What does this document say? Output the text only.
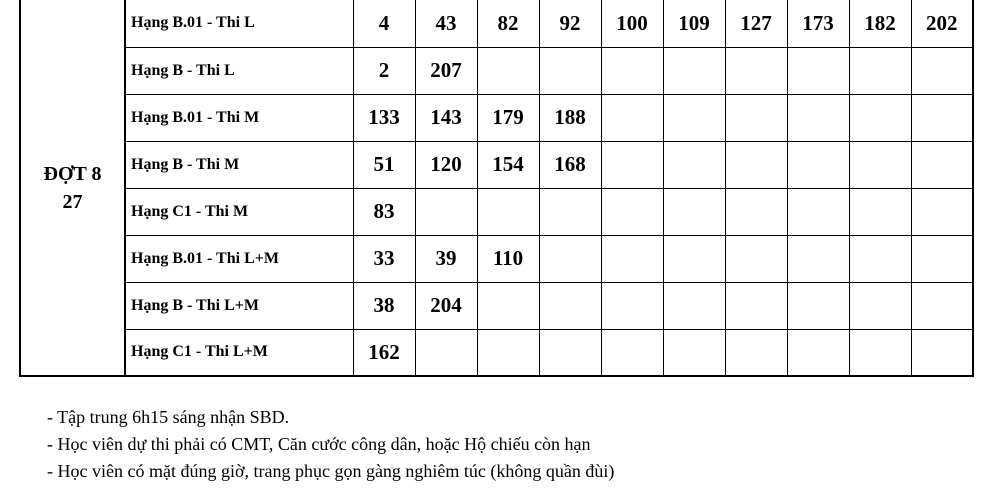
ĐỢT 8
27	Hạng B.01 - Thi L	4	43	82	92	100	109	127	173	182	202
	Hạng B - Thi L	2	207								
	Hạng B.01 - Thi M	133	143	179	188						
	Hạng B - Thi M	51	120	154	168						
	Hạng C1 - Thi M	83									
	Hạng B.01 - Thi L+M	33	39	110							
	Hạng B - Thi L+M	38	204								
	Hạng C1 - Thi L+M	162									
- Tập trung 6h15 sáng nhận SBD.
- Học viên dự thi phải có CMT, Căn cước công dân, hoặc Hộ chiếu còn hạn
- Học viên có mặt đúng giờ, trang phục gọn gàng nghiêm túc (không quần đùi)
